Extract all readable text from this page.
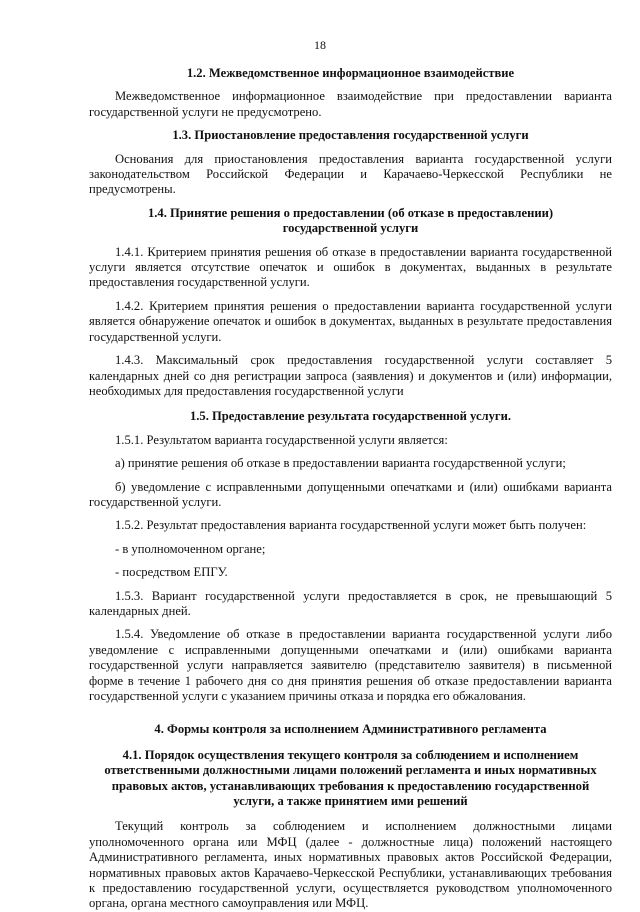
18
1.2. Межведомственное информационное взаимодействие

Межведомственное информационное взаимодействие при предоставлении варианта государственной услуги не предусмотрено.

1.3. Приостановление предоставления государственной услуги

Основания для приостановления предоставления варианта государственной услуги законодательством Российской Федерации и Карачаево-Черкесской Республики не предусмотрены.

1.4. Принятие решения о предоставлении (об отказе в предоставлении)
государственной услуги

1.4.1. Критерием принятия решения об отказе в предоставлении варианта государственной услуги является отсутствие опечаток и ошибок в документах, выданных в результате предоставления государственной услуги.

1.4.2. Критерием принятия решения о предоставлении варианта государственной услуги является обнаружение опечаток и ошибок в документах, выданных в результате предоставления государственной услуги.

1.4.3. Максимальный срок предоставления государственной услуги составляет 5 календарных дней со дня регистрации запроса (заявления) и документов и (или) информации, необходимых для предоставления государственной услуги

1.5. Предоставление результата государственной услуги.

1.5.1. Результатом варианта государственной услуги является:

а) принятие решения об отказе в предоставлении варианта государственной услуги;

б) уведомление с исправленными допущенными опечатками и (или) ошибками варианта государственной услуги.

1.5.2. Результат предоставления варианта государственной услуги может быть получен:

- в уполномоченном органе;

- посредством ЕПГУ.

1.5.3. Вариант государственной услуги предоставляется в срок, не превышающий 5 календарных дней.

1.5.4. Уведомление об отказе в предоставлении варианта государственной услуги либо уведомление с исправленными допущенными опечатками и (или) ошибками варианта государственной услуги направляется заявителю (представителю заявителя) в письменной форме в течение 1 рабочего дня со дня принятия решения об отказе предоставлении варианта государственной услуги с указанием причины отказа и порядка его обжалования.

4. Формы контроля за исполнением Административного регламента
4.1. Порядок осуществления текущего контроля за соблюдением и исполнением
ответственными должностными лицами положений регламента и иных нормативных
правовых актов, устанавливающих требования к предоставлению государственной
услуги, а также принятием ими решений

Текущий контроль за соблюдением и исполнением должностными лицами уполномоченного органа или МФЦ (далее - должностные лица) положений настоящего Административного регламента, иных нормативных правовых актов Российской Федерации, нормативных правовых актов Карачаево-Черкесской Республики, устанавливающих требования к предоставлению государственной услуги, осуществляется руководством уполномоченного органа, органа местного самоуправления или МФЦ.
